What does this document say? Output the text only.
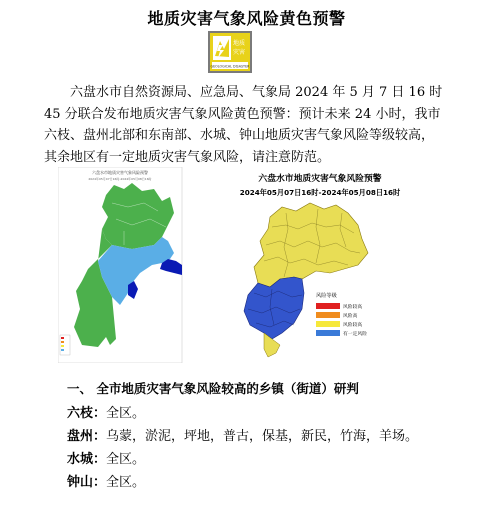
地质灾害气象风险黄色预警
地质
灾害
GEOLOGICAL DISASTER

六盘水市自然资源局、应急局、气象局 2024 年 5 月 7 日 16 时 45 分联合发布地质灾害气象风险黄色预警：预计未来 24 小时，我市六枝、盘州北部和东南部、水城、钟山地质灾害气象风险等级较高，其余地区有一定地质灾害气象风险，请注意防范。

六盘水市地质灾害气象风险预警
2024年05月07日16时-2024年05月08日16时	六盘水市地质灾害气象风险预警
2024年05月07日16时-2024年05月08日16时
风险等级
风险较高
风险高
风险较高
有一定风险
一、 全市地质灾害气象风险较高的乡镇（街道）研判
六枝：全区。
盘州：乌蒙，淤泥，坪地，普古，保基，新民，竹海，羊场。
水城：全区。
钟山：全区。
